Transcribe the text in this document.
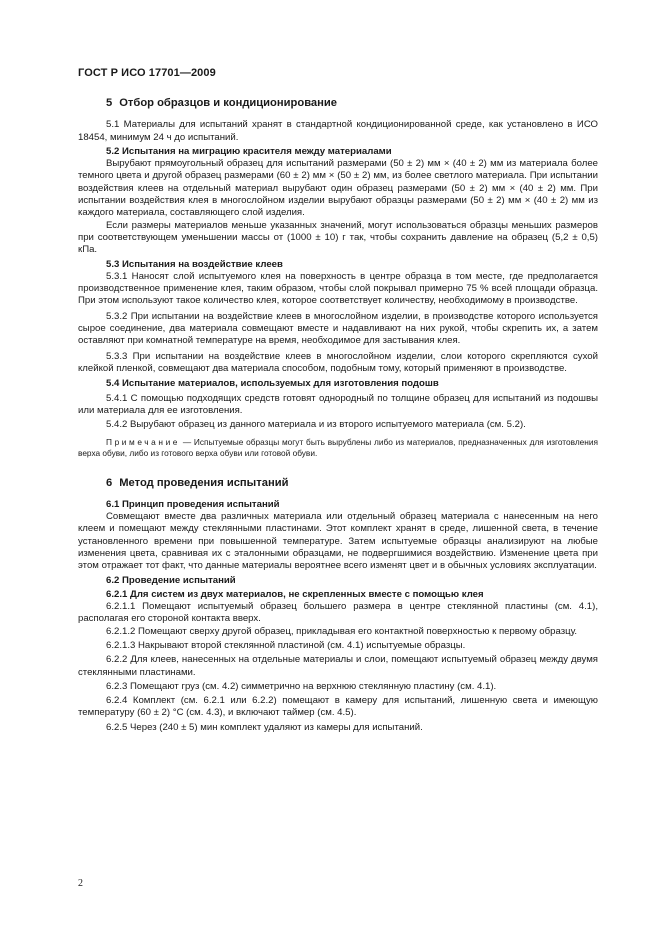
ГОСТ Р ИСО 17701—2009

5 Отбор образцов и кондиционирование

5.1 Материалы для испытаний хранят в стандартной кондиционированной среде, как установлено в ИСО 18454, минимум 24 ч до испытаний.

5.2 Испытания на миграцию красителя между материалами

Вырубают прямоугольный образец для испытаний размерами (50 ± 2) мм × (40 ± 2) мм из материала более темного цвета и другой образец размерами (60 ± 2) мм × (50 ± 2) мм, из более светлого материала. При испытании воздействия клеев на отдельный материал вырубают один образец размерами (50 ± 2) мм × (40 ± 2) мм. При испытании воздействия клея в многослойном изделии вырубают образцы размерами (50 ± 2) мм × (40 ± 2) мм из каждого материала, составляющего слой изделия.

Если размеры материалов меньше указанных значений, могут использоваться образцы меньших размеров при соответствующем уменьшении массы от (1000 ± 10) г так, чтобы сохранить давление на образец (5,2 ± 0,5) кПа.

5.3 Испытания на воздействие клеев

5.3.1 Наносят слой испытуемого клея на поверхность в центре образца в том месте, где предполагается производственное применение клея, таким образом, чтобы слой покрывал примерно 75 % всей площади образца. При этом используют такое количество клея, которое соответствует количеству, необходимому в производстве.

5.3.2 При испытании на воздействие клеев в многослойном изделии, в производстве которого используется сырое соединение, два материала совмещают вместе и надавливают на них рукой, чтобы скрепить их, а затем оставляют при комнатной температуре на время, необходимое для застывания клея.

5.3.3 При испытании на воздействие клеев в многослойном изделии, слои которого скрепляются сухой клейкой пленкой, совмещают два материала способом, подобным тому, который применяют в производстве.

5.4 Испытание материалов, используемых для изготовления подошв

5.4.1 С помощью подходящих средств готовят однородный по толщине образец для испытаний из подошвы или материала для ее изготовления.

5.4.2 Вырубают образец из данного материала и из второго испытуемого материала (см. 5.2).

Примечание — Испытуемые образцы могут быть вырублены либо из материалов, предназначенных для изготовления верха обуви, либо из готового верха обуви или готовой обуви.

6 Метод проведения испытаний

6.1 Принцип проведения испытаний

Совмещают вместе два различных материала или отдельный образец материала с нанесенным на него клеем и помещают между стеклянными пластинами. Этот комплект хранят в среде, лишенной света, в течение установленного времени при повышенной температуре. Затем испытуемые образцы анализируют на любые изменения цвета, сравнивая их с эталонными образцами, не подвергшимися воздействию. Изменение цвета при этом отражает тот факт, что данные материалы вероятнее всего изменят цвет и в обычных условиях эксплуатации.

6.2 Проведение испытаний

6.2.1 Для систем из двух материалов, не скрепленных вместе с помощью клея

6.2.1.1 Помещают испытуемый образец большего размера в центре стеклянной пластины (см. 4.1), располагая его стороной контакта вверх.

6.2.1.2 Помещают сверху другой образец, прикладывая его контактной поверхностью к первому образцу.

6.2.1.3 Накрывают второй стеклянной пластиной (см. 4.1) испытуемые образцы.

6.2.2 Для клеев, нанесенных на отдельные материалы и слои, помещают испытуемый образец между двумя стеклянными пластинами.

6.2.3 Помещают груз (см. 4.2) симметрично на верхнюю стеклянную пластину (см. 4.1).

6.2.4 Комплект (см. 6.2.1 или 6.2.2) помещают в камеру для испытаний, лишенную света и имеющую температуру (60 ± 2) °С (см. 4.3), и включают таймер (см. 4.5).

6.2.5 Через (240 ± 5) мин комплект удаляют из камеры для испытаний.

2
